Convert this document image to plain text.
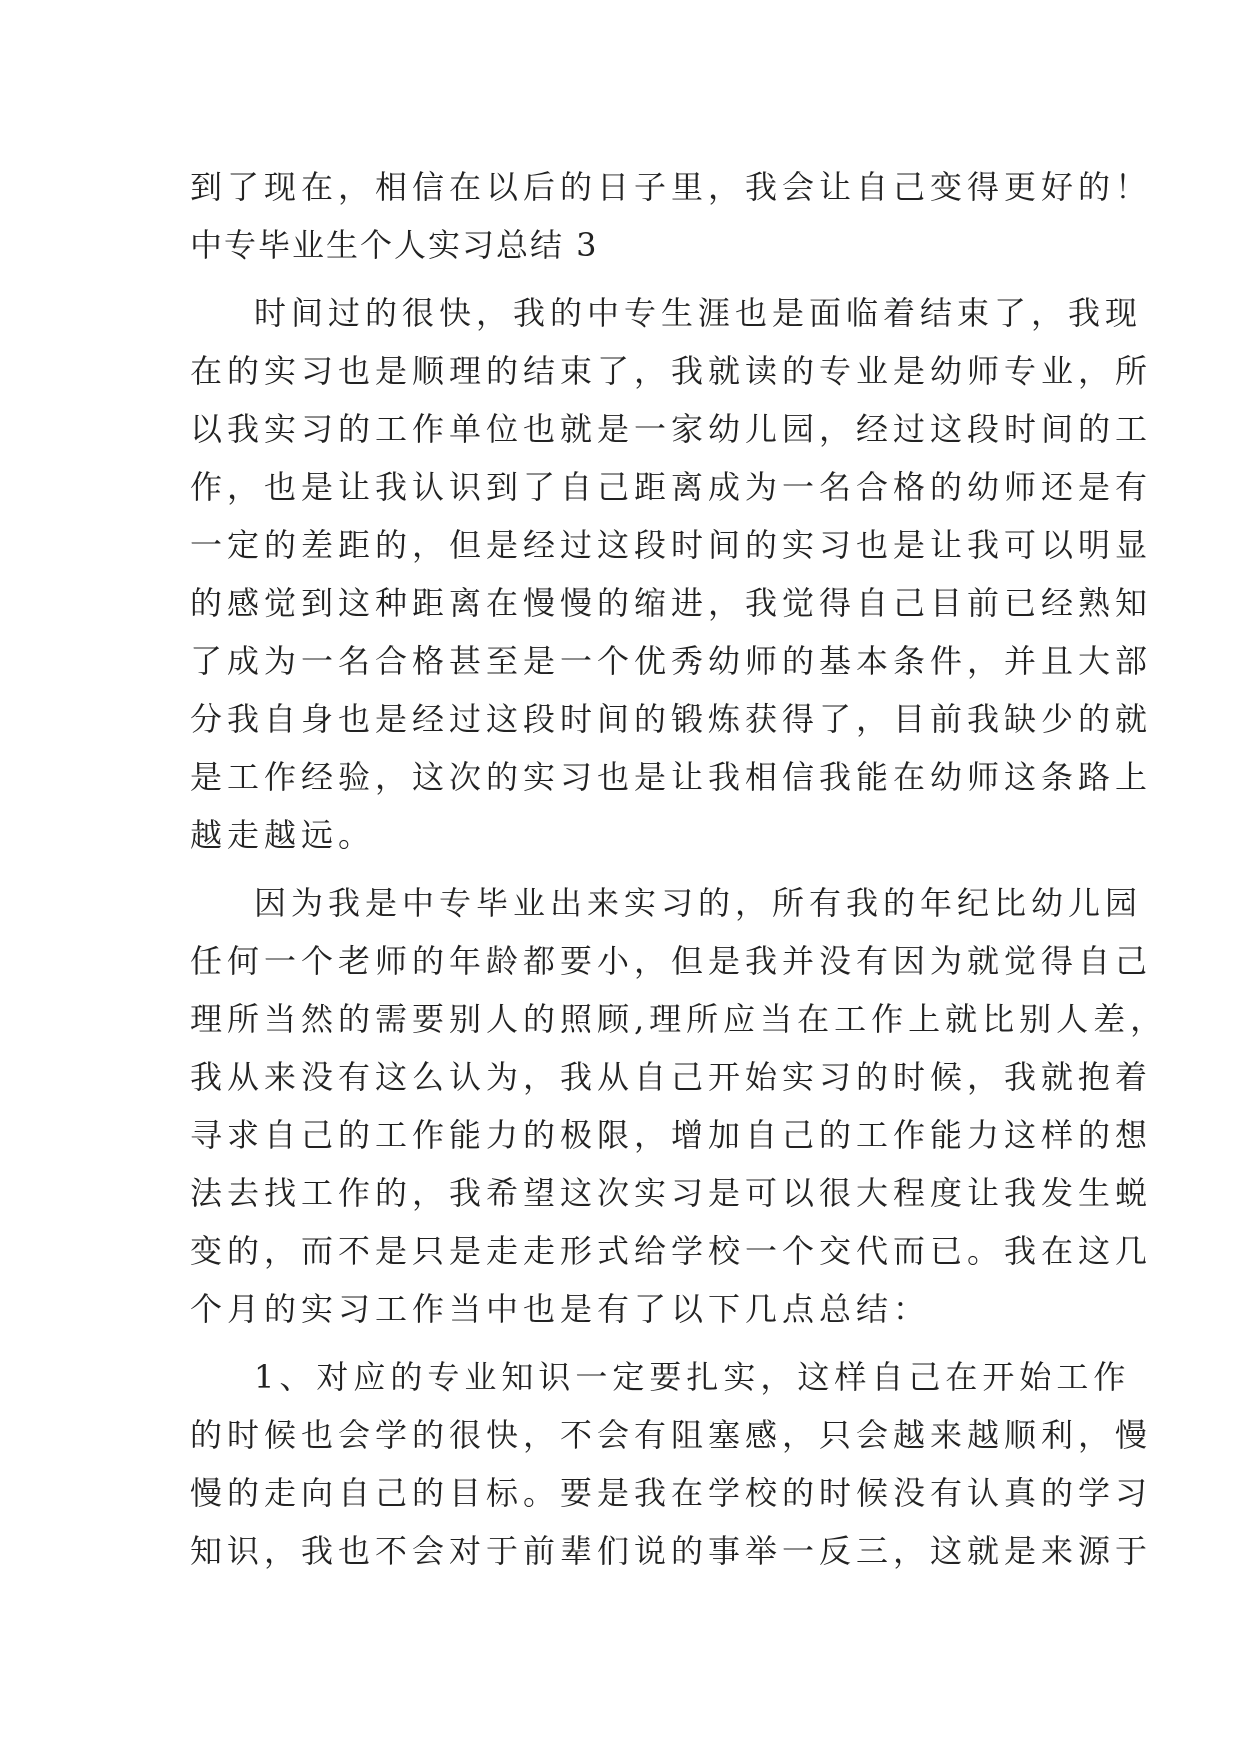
到了现在，相信在以后的日子里，我会让自己变得更好的！
中专毕业生个人实习总结 3
时间过的很快，我的中专生涯也是面临着结束了，我现
在的实习也是顺理的结束了，我就读的专业是幼师专业，所
以我实习的工作单位也就是一家幼儿园，经过这段时间的工
作，也是让我认识到了自己距离成为一名合格的幼师还是有
一定的差距的，但是经过这段时间的实习也是让我可以明显
的感觉到这种距离在慢慢的缩进，我觉得自己目前已经熟知
了成为一名合格甚至是一个优秀幼师的基本条件，并且大部
分我自身也是经过这段时间的锻炼获得了，目前我缺少的就
是工作经验，这次的实习也是让我相信我能在幼师这条路上
越走越远。
因为我是中专毕业出来实习的，所有我的年纪比幼儿园
任何一个老师的年龄都要小，但是我并没有因为就觉得自己
理所当然的需要别人的照顾,理所应当在工作上就比别人差，
我从来没有这么认为，我从自己开始实习的时候，我就抱着
寻求自己的工作能力的极限，增加自己的工作能力这样的想
法去找工作的，我希望这次实习是可以很大程度让我发生蜕
变的，而不是只是走走形式给学校一个交代而已。我在这几
个月的实习工作当中也是有了以下几点总结：
1、对应的专业知识一定要扎实，这样自己在开始工作
的时候也会学的很快，不会有阻塞感，只会越来越顺利，慢
慢的走向自己的目标。要是我在学校的时候没有认真的学习
知识，我也不会对于前辈们说的事举一反三，这就是来源于
